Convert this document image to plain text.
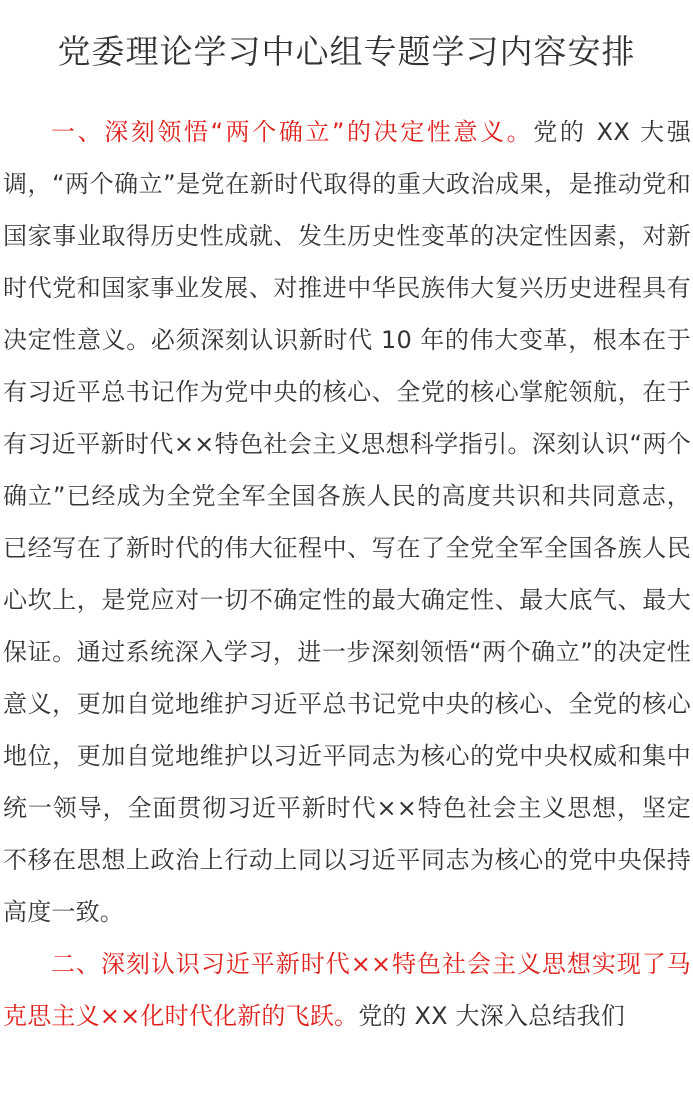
党委理论学习中心组专题学习内容安排

一、深刻领悟“两个确立”的决定性意义。党的 XX 大强调，“两个确立”是党在新时代取得的重大政治成果，是推动党和国家事业取得历史性成就、发生历史性变革的决定性因素，对新时代党和国家事业发展、对推进中华民族伟大复兴历史进程具有决定性意义。必须深刻认识新时代 10 年的伟大变革，根本在于有习近平总书记作为党中央的核心、全党的核心掌舵领航，在于有习近平新时代××特色社会主义思想科学指引。深刻认识“两个确立”已经成为全党全军全国各族人民的高度共识和共同意志，已经写在了新时代的伟大征程中、写在了全党全军全国各族人民心坎上，是党应对一切不确定性的最大确定性、最大底气、最大保证。通过系统深入学习，进一步深刻领悟“两个确立”的决定性意义，更加自觉地维护习近平总书记党中央的核心、全党的核心地位，更加自觉地维护以习近平同志为核心的党中央权威和集中统一领导，全面贯彻习近平新时代××特色社会主义思想，坚定不移在思想上政治上行动上同以习近平同志为核心的党中央保持高度一致。

二、深刻认识习近平新时代××特色社会主义思想实现了马克思主义××化时代化新的飞跃。党的 XX 大深入总结我们
